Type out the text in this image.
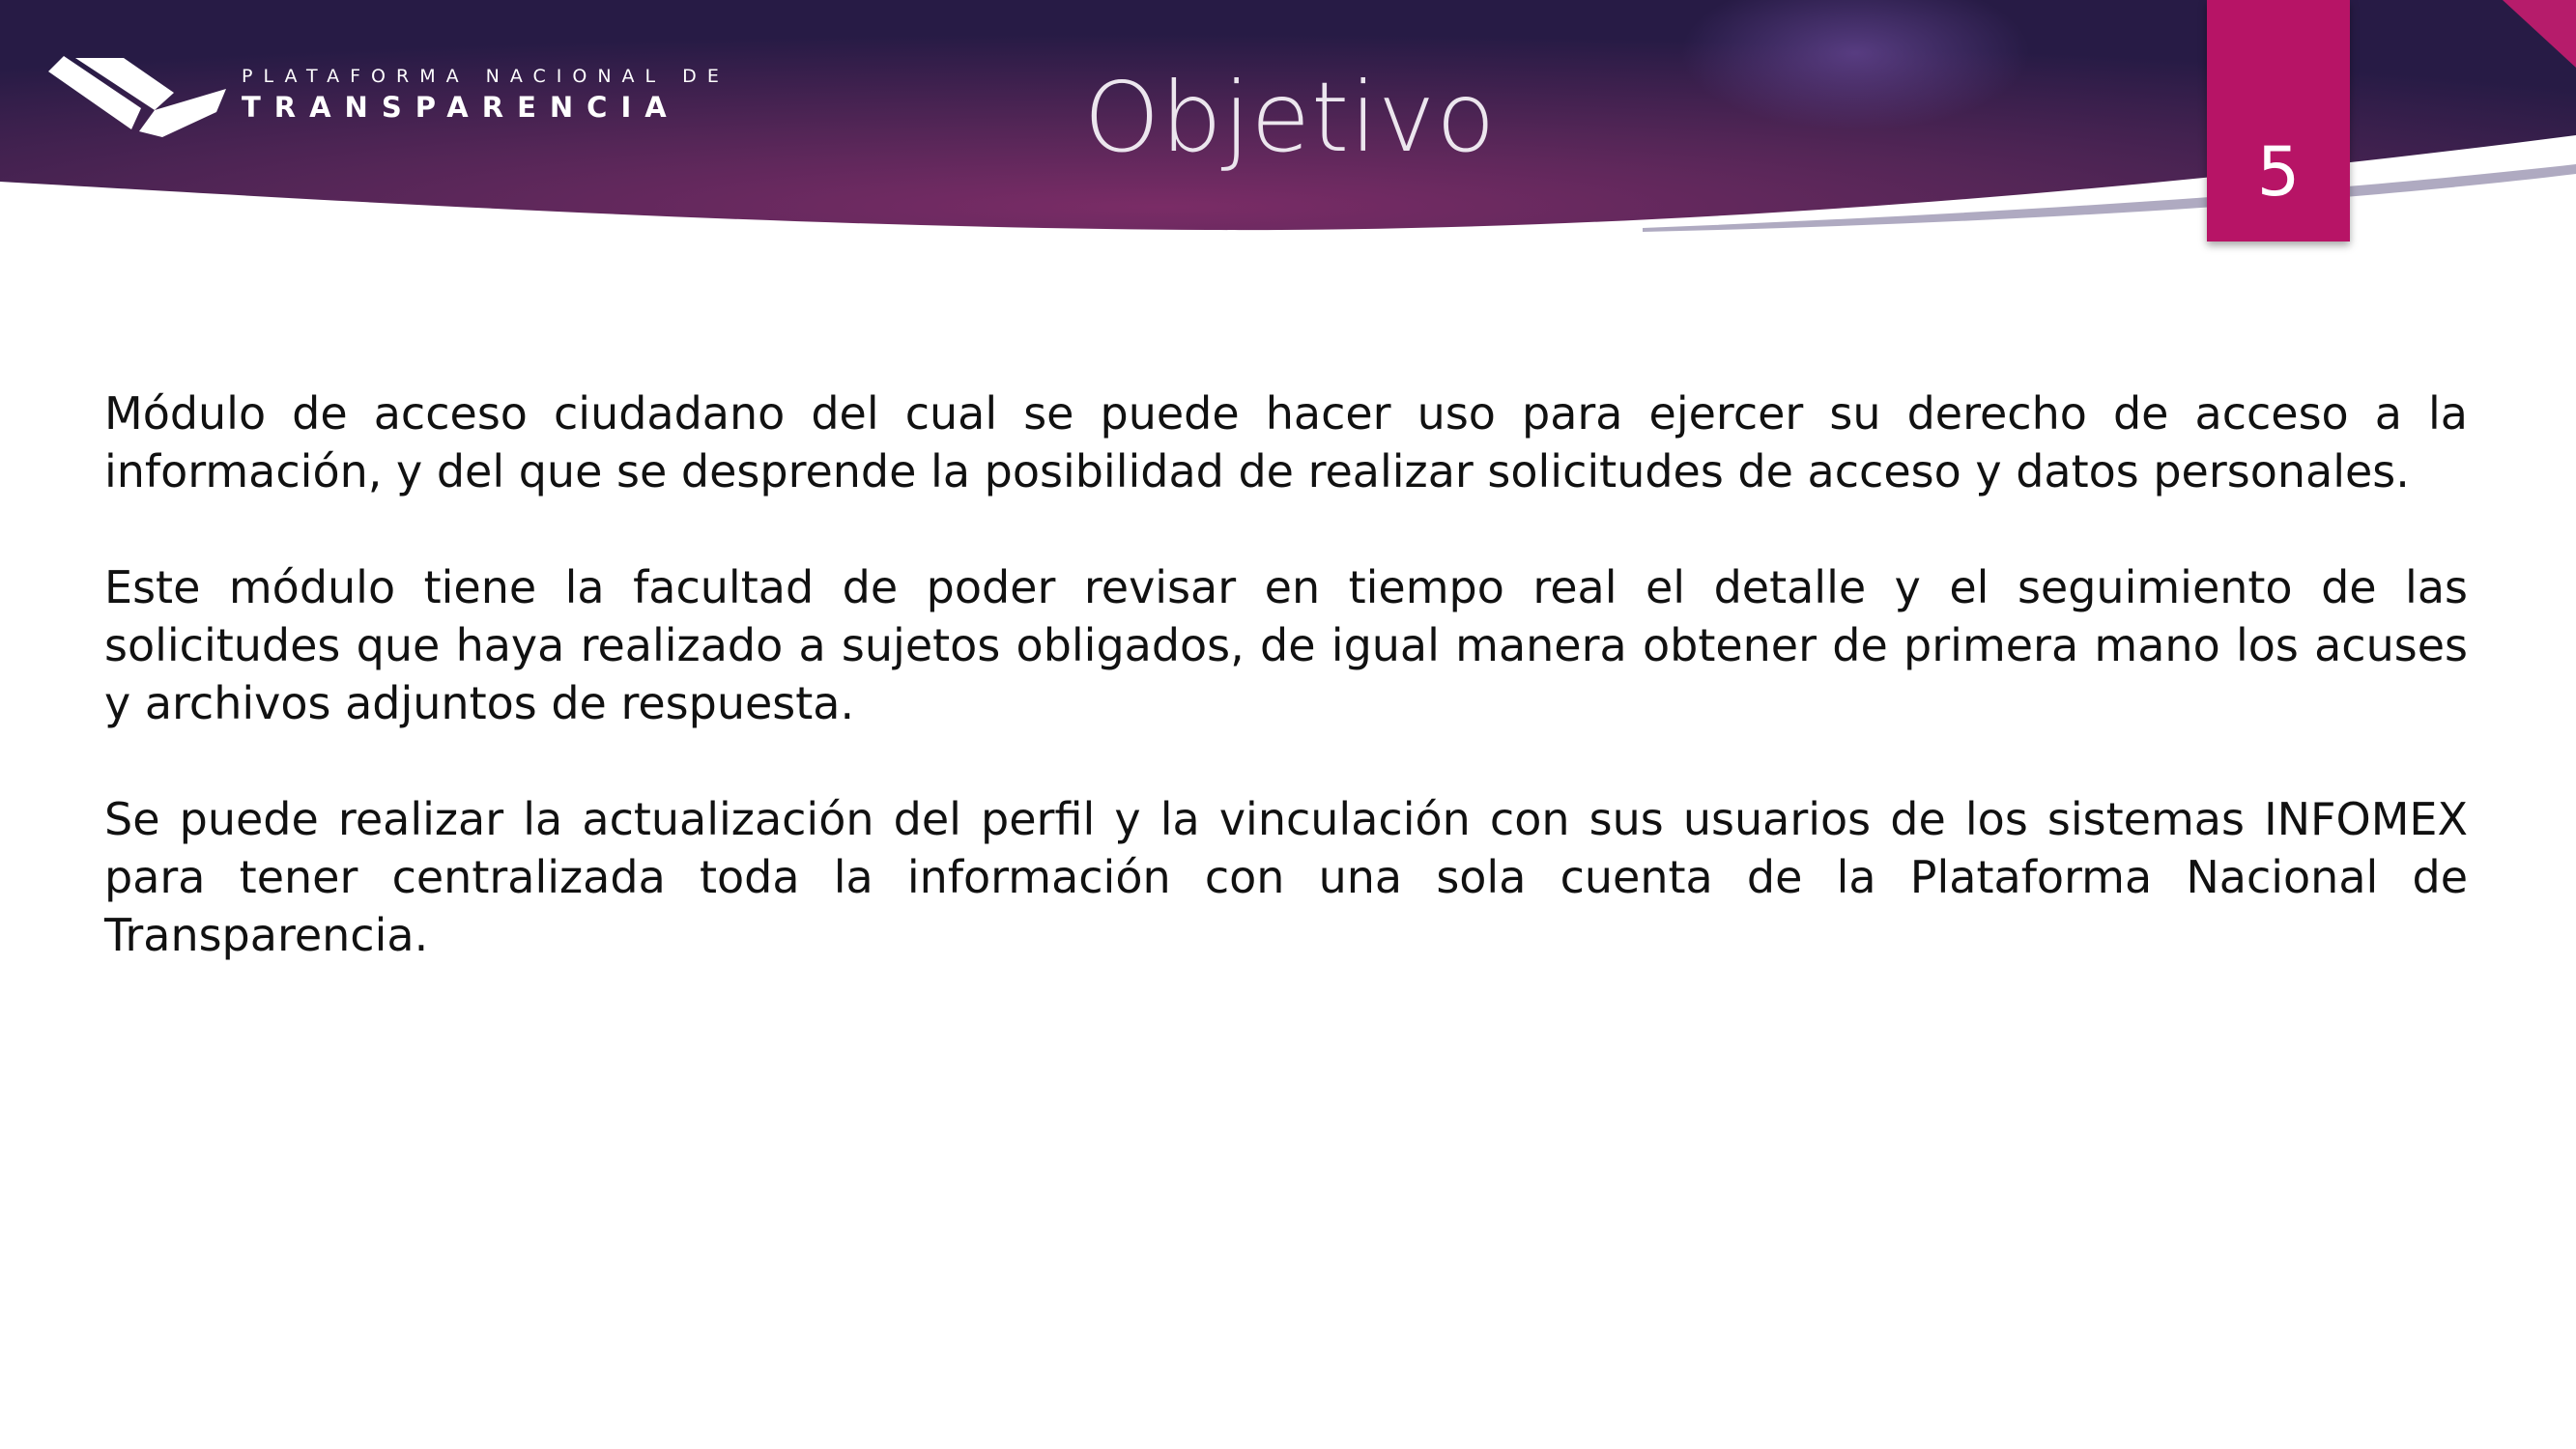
PLATAFORMA NACIONAL DE
TRANSPARENCIA	Objetivo	5

Módulo de acceso ciudadano del cual se puede hacer uso para ejercer su derecho de acceso a la información, y del que se desprende la posibilidad de realizar solicitudes de acceso y datos personales.

Este módulo tiene la facultad de poder revisar en tiempo real el detalle y el seguimiento de las solicitudes que haya realizado a sujetos obligados, de igual manera obtener de primera mano los acuses y archivos adjuntos de respuesta.

Se puede realizar la actualización del perfil y la vinculación con sus usuarios de los sistemas INFOMEX para tener centralizada toda la información con una sola cuenta de la Plataforma Nacional de Transparencia.
